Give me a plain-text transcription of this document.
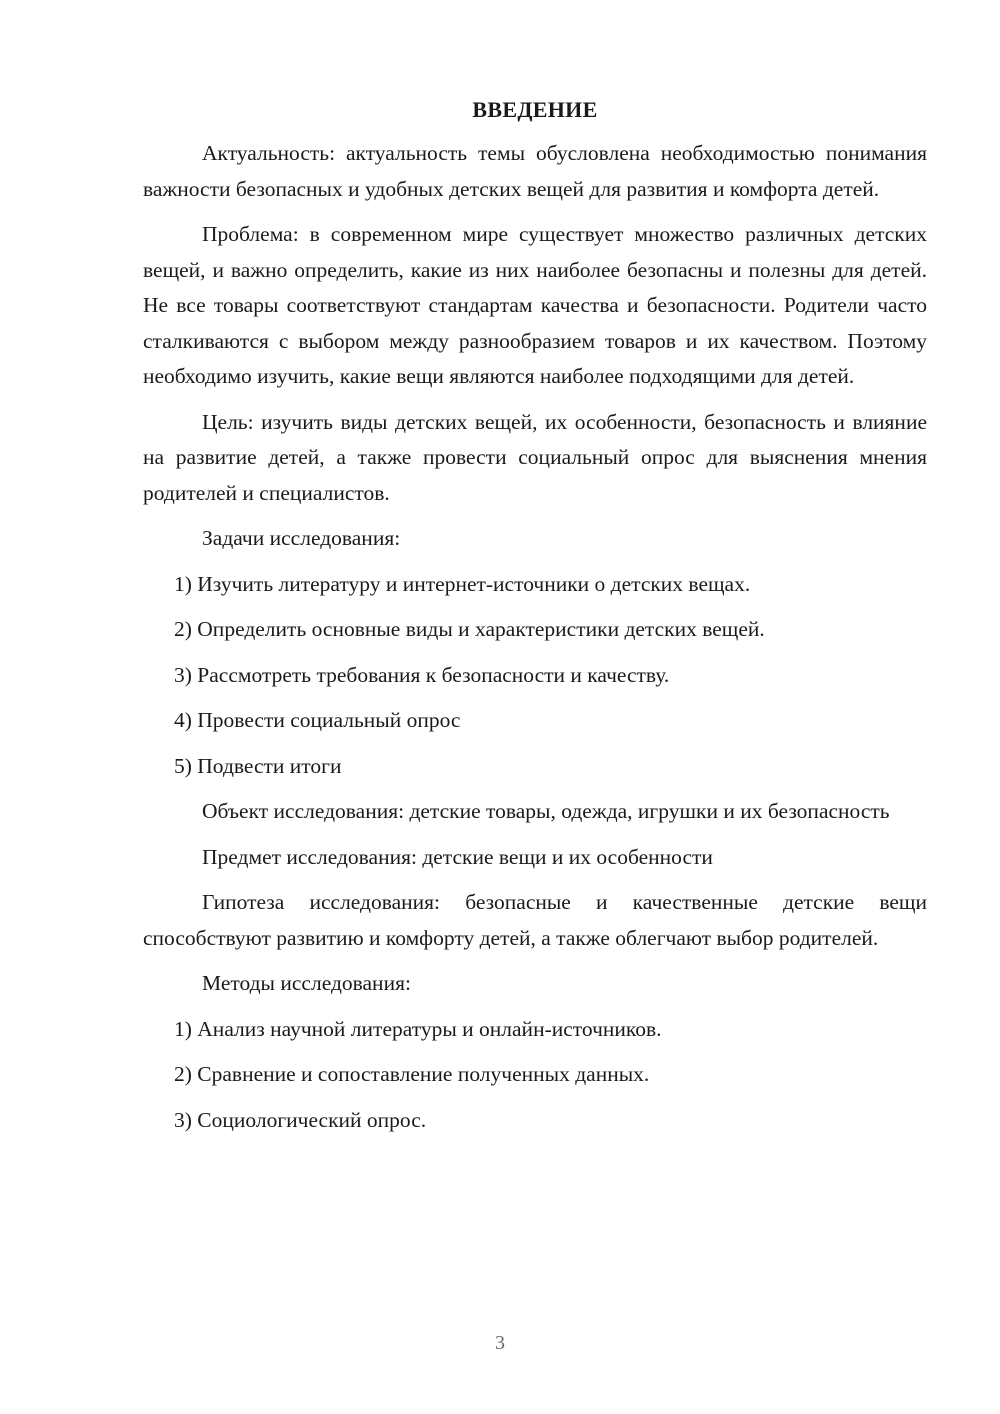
ВВЕДЕНИЕ

Актуальность: актуальность темы обусловлена необходимостью понимания важности безопасных и удобных детских вещей для развития и комфорта детей.

Проблема: в современном мире существует множество различных детских вещей, и важно определить, какие из них наиболее безопасны и полезны для детей. Не все товары соответствуют стандартам качества и безопасности. Родители часто сталкиваются с выбором между разнообразием товаров и их качеством. Поэтому необходимо изучить, какие вещи являются наиболее подходящими для детей.

Цель: изучить виды детских вещей, их особенности, безопасность и влияние на развитие детей, а также провести социальный опрос для выяснения мнения родителей и специалистов.

Задачи исследования:

1) Изучить литературу и интернет-источники о детских вещах.
2) Определить основные виды и характеристики детских вещей.
3) Рассмотреть требования к безопасности и качеству.
4) Провести социальный опрос
5) Подвести итоги

Объект исследования: детские товары, одежда, игрушки и их безопасность

Предмет исследования: детские вещи и их особенности

Гипотеза исследования: безопасные и качественные детские вещи способствуют развитию и комфорту детей, а также облегчают выбор родителей.

Методы исследования:

1) Анализ научной литературы и онлайн-источников.
2) Сравнение и сопоставление полученных данных.
3) Социологический опрос.
3
